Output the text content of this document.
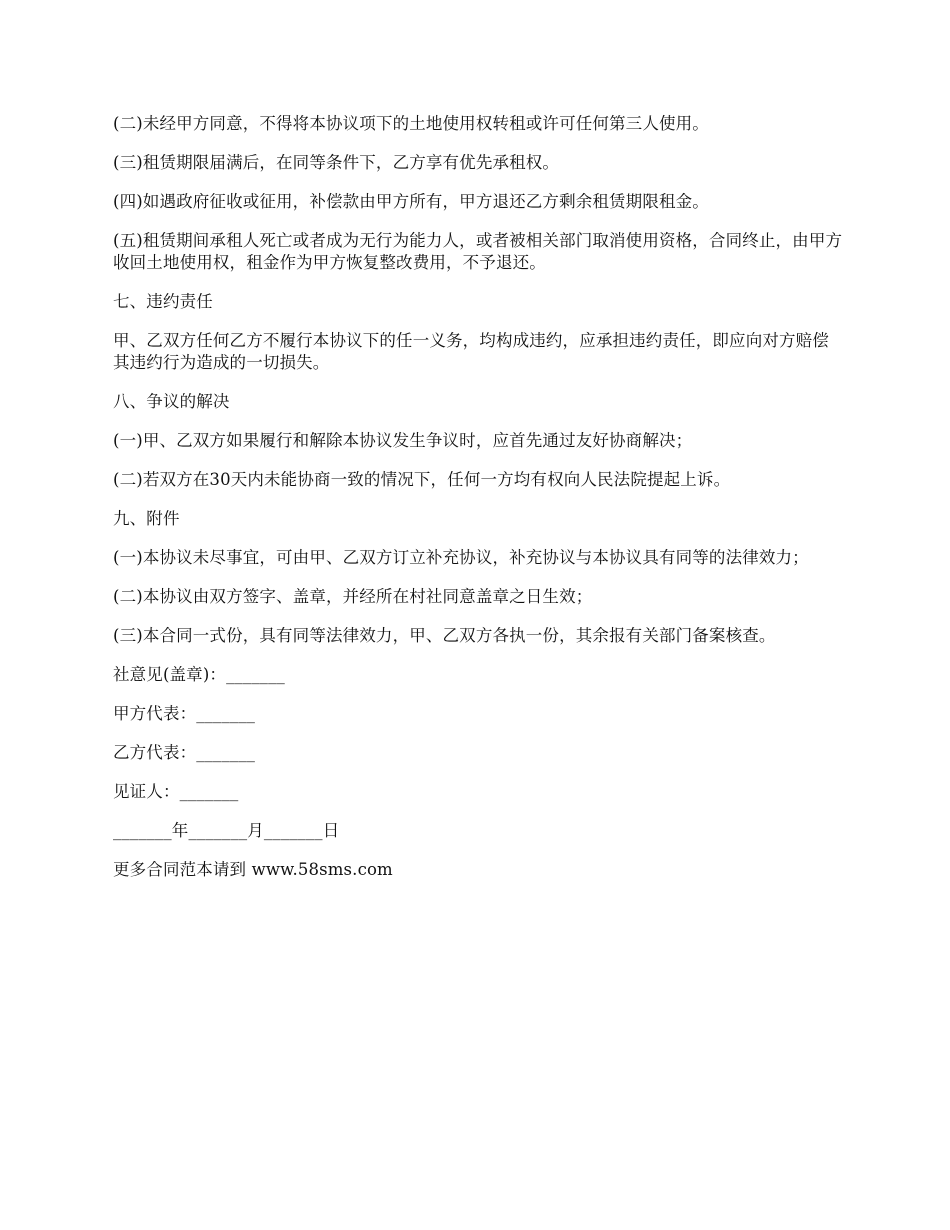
(二)未经甲方同意，不得将本协议项下的土地使用权转租或许可任何第三人使用。

(三)租赁期限届满后，在同等条件下，乙方享有优先承租权。

(四)如遇政府征收或征用，补偿款由甲方所有，甲方退还乙方剩余租赁期限租金。

(五)租赁期间承租人死亡或者成为无行为能力人，或者被相关部门取消使用资格，合同终止，由甲方收回土地使用权，租金作为甲方恢复整改费用，不予退还。

七、违约责任

甲、乙双方任何乙方不履行本协议下的任一义务，均构成违约，应承担违约责任，即应向对方赔偿其违约行为造成的一切损失。

八、争议的解决

(一)甲、乙双方如果履行和解除本协议发生争议时，应首先通过友好协商解决；

(二)若双方在30天内未能协商一致的情况下，任何一方均有权向人民法院提起上诉。

九、附件

(一)本协议未尽事宜，可由甲、乙双方订立补充协议，补充协议与本协议具有同等的法律效力；

(二)本协议由双方签字、盖章，并经所在村社同意盖章之日生效；

(三)本合同一式份，具有同等法律效力，甲、乙双方各执一份，其余报有关部门备案核查。

社意见(盖章)：_______

甲方代表：_______

乙方代表：_______

见证人：_______

_______年_______月_______日

更多合同范本请到 www.58sms.com
